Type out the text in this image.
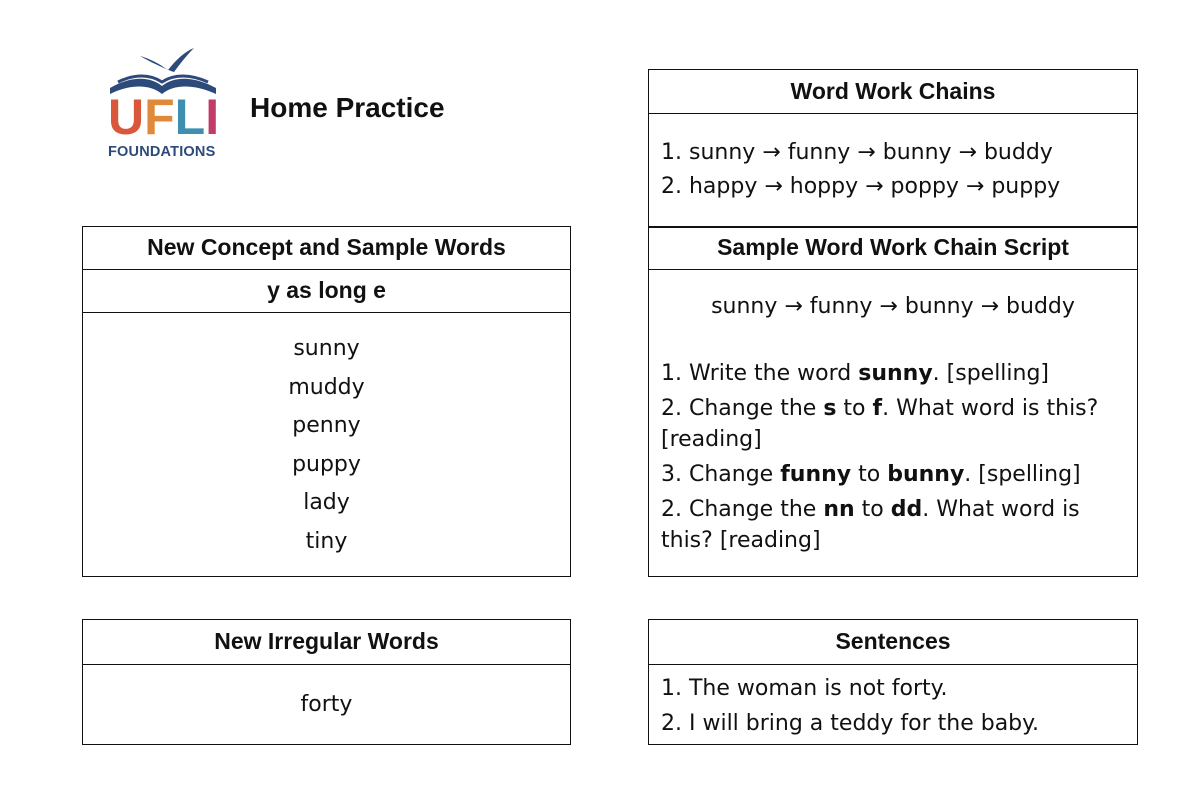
UFLI
FOUNDATIONS
Home Practice
New Concept and Sample Words
y as long e
sunny
muddy
penny
puppy
lady
tiny
New Irregular Words
forty
Word Work Chains
1. sunny → funny → bunny → buddy
2. happy → hoppy → poppy → puppy
Sample Word Work Chain Script
sunny → funny → bunny → buddy
1. Write the word sunny. [spelling]
2. Change the s to f. What word is this? [reading]
3. Change funny to bunny. [spelling]
2. Change the nn to dd. What word is this? [reading]
Sentences
1. The woman is not forty.
2. I will bring a teddy for the baby.
